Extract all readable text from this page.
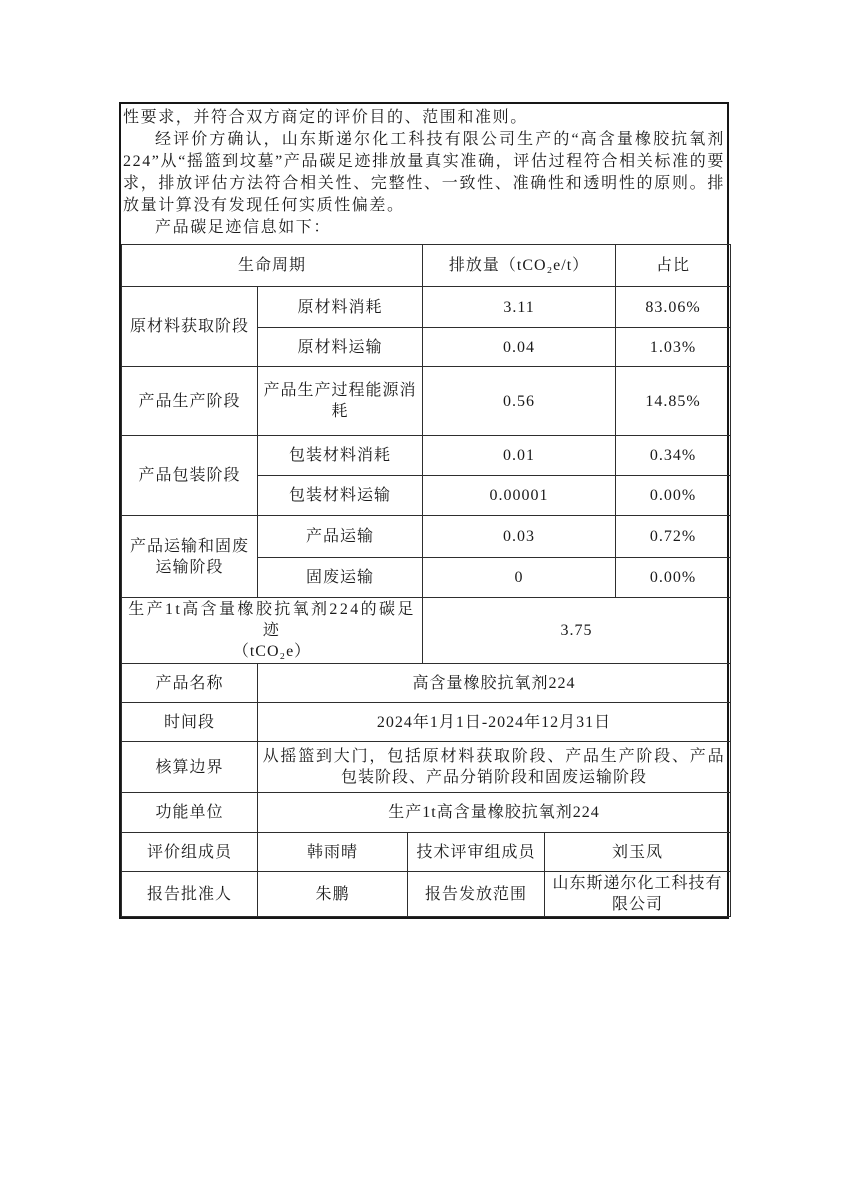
性要求，并符合双方商定的评价目的、范围和准则。

经评价方确认，山东斯递尔化工科技有限公司生产的“高含量橡胶抗氧剂224”从“摇篮到坟墓”产品碳足迹排放量真实准确，评估过程符合相关标准的要求，排放评估方法符合相关性、完整性、一致性、准确性和透明性的原则。排放量计算没有发现任何实质性偏差。

产品碳足迹信息如下：

生命周期			排放量（tCO₂e/t）		占比

原材料获取阶段	原材料消耗		3.11		83.06%
	原材料运输		0.04		1.03%

产品生产阶段	产品生产过程能源消耗		0.56		14.85%

产品包装阶段	包装材料消耗		0.01		0.34%
	包装材料运输		0.00001		0.00%

产品运输和固废
运输阶段	产品运输		0.03		0.72%
	固废运输		0		0.00%

生产1t高含量橡胶抗氧剂224的碳足迹
（tCO₂e）			3.75		
产品名称	高含量橡胶抗氧剂224				
时间段	2024年1月1日-2024年12月31日				
核算边界	从摇篮到大门，包括原材料获取阶段、产品生产阶段、产品
包装阶段、产品分销阶段和固废运输阶段				

功能单位	生产1t高含量橡胶抗氧剂224				
评价组成员	韩雨晴	技术评审组成员		刘玉凤	
报告批准人	朱鹏	报告发放范围		山东斯递尔化工科技有限公司	
